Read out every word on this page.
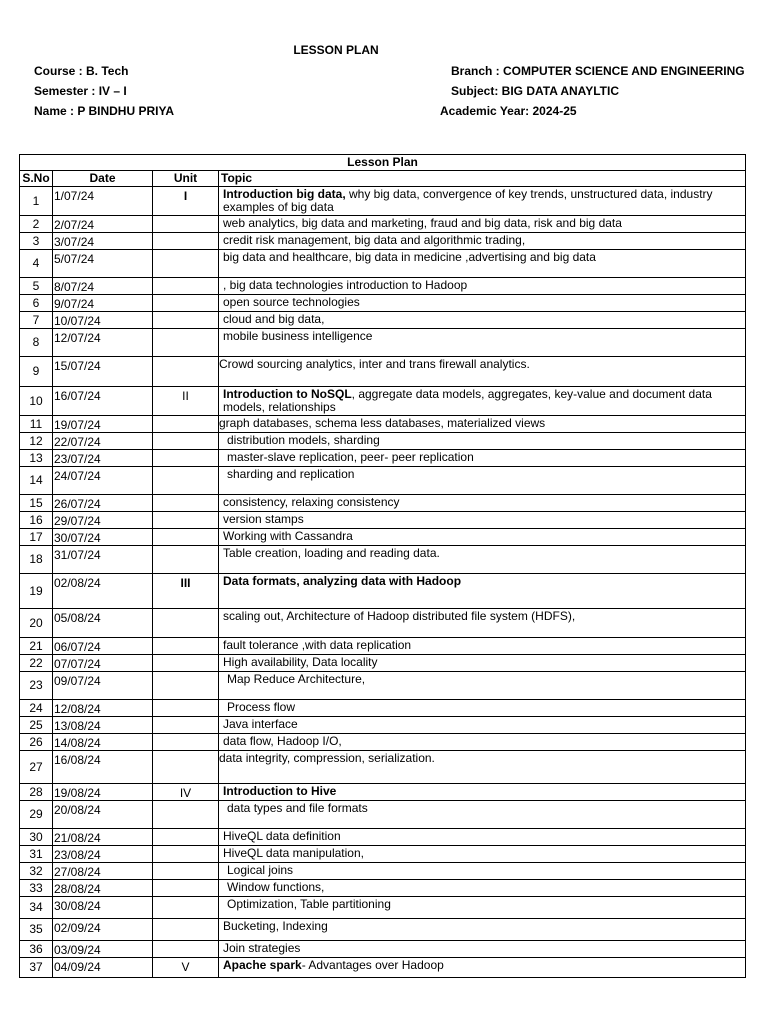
LESSON PLAN
Course : B. Tech	Branch : COMPUTER SCIENCE AND ENGINEERING
Semester : IV – I	Subject: BIG DATA ANAYLTIC
Name : P BINDHU PRIYA	Academic Year: 2024-25
Lesson Plan			
S.No	Date	Unit	Topic
1	1/07/24	I	Introduction big data, why big data, convergence of key trends, unstructured data, industry examples of big data
2	2/07/24		web analytics, big data and marketing, fraud and big data, risk and big data
3	3/07/24		credit risk management, big data and algorithmic trading,
4	5/07/24		big data and healthcare, big data in medicine ,advertising and big data
5	8/07/24		, big data technologies introduction to Hadoop
6	9/07/24		open source technologies
7	10/07/24		cloud and big data,
8	12/07/24		mobile business intelligence
9	15/07/24		Crowd sourcing analytics, inter and trans firewall analytics.
10	16/07/24	II	Introduction to NoSQL, aggregate data models, aggregates, key-value and document data models, relationships
11	19/07/24		graph databases, schema less databases, materialized views
12	22/07/24		distribution models, sharding
13	23/07/24		master-slave replication, peer- peer replication
14	24/07/24		sharding and replication
15	26/07/24		consistency, relaxing consistency
16	29/07/24		version stamps
17	30/07/24		Working with Cassandra
18	31/07/24		Table creation, loading and reading data.
19	02/08/24	III	Data formats, analyzing data with Hadoop
20	05/08/24		scaling out, Architecture of Hadoop distributed file system (HDFS),
21	06/07/24		fault tolerance ,with data replication
22	07/07/24		High availability, Data locality
23	09/07/24		Map Reduce Architecture,
24	12/08/24		Process flow
25	13/08/24		Java interface
26	14/08/24		data flow, Hadoop I/O,
27	16/08/24		data integrity, compression, serialization.
28	19/08/24	IV	Introduction to Hive
29	20/08/24		data types and file formats
30	21/08/24		HiveQL data definition
31	23/08/24		HiveQL data manipulation,
32	27/08/24		Logical joins
33	28/08/24		Window functions,
34	30/08/24		Optimization, Table partitioning
35	02/09/24		Bucketing, Indexing
36	03/09/24		Join strategies
37	04/09/24	V	Apache spark- Advantages over Hadoop
